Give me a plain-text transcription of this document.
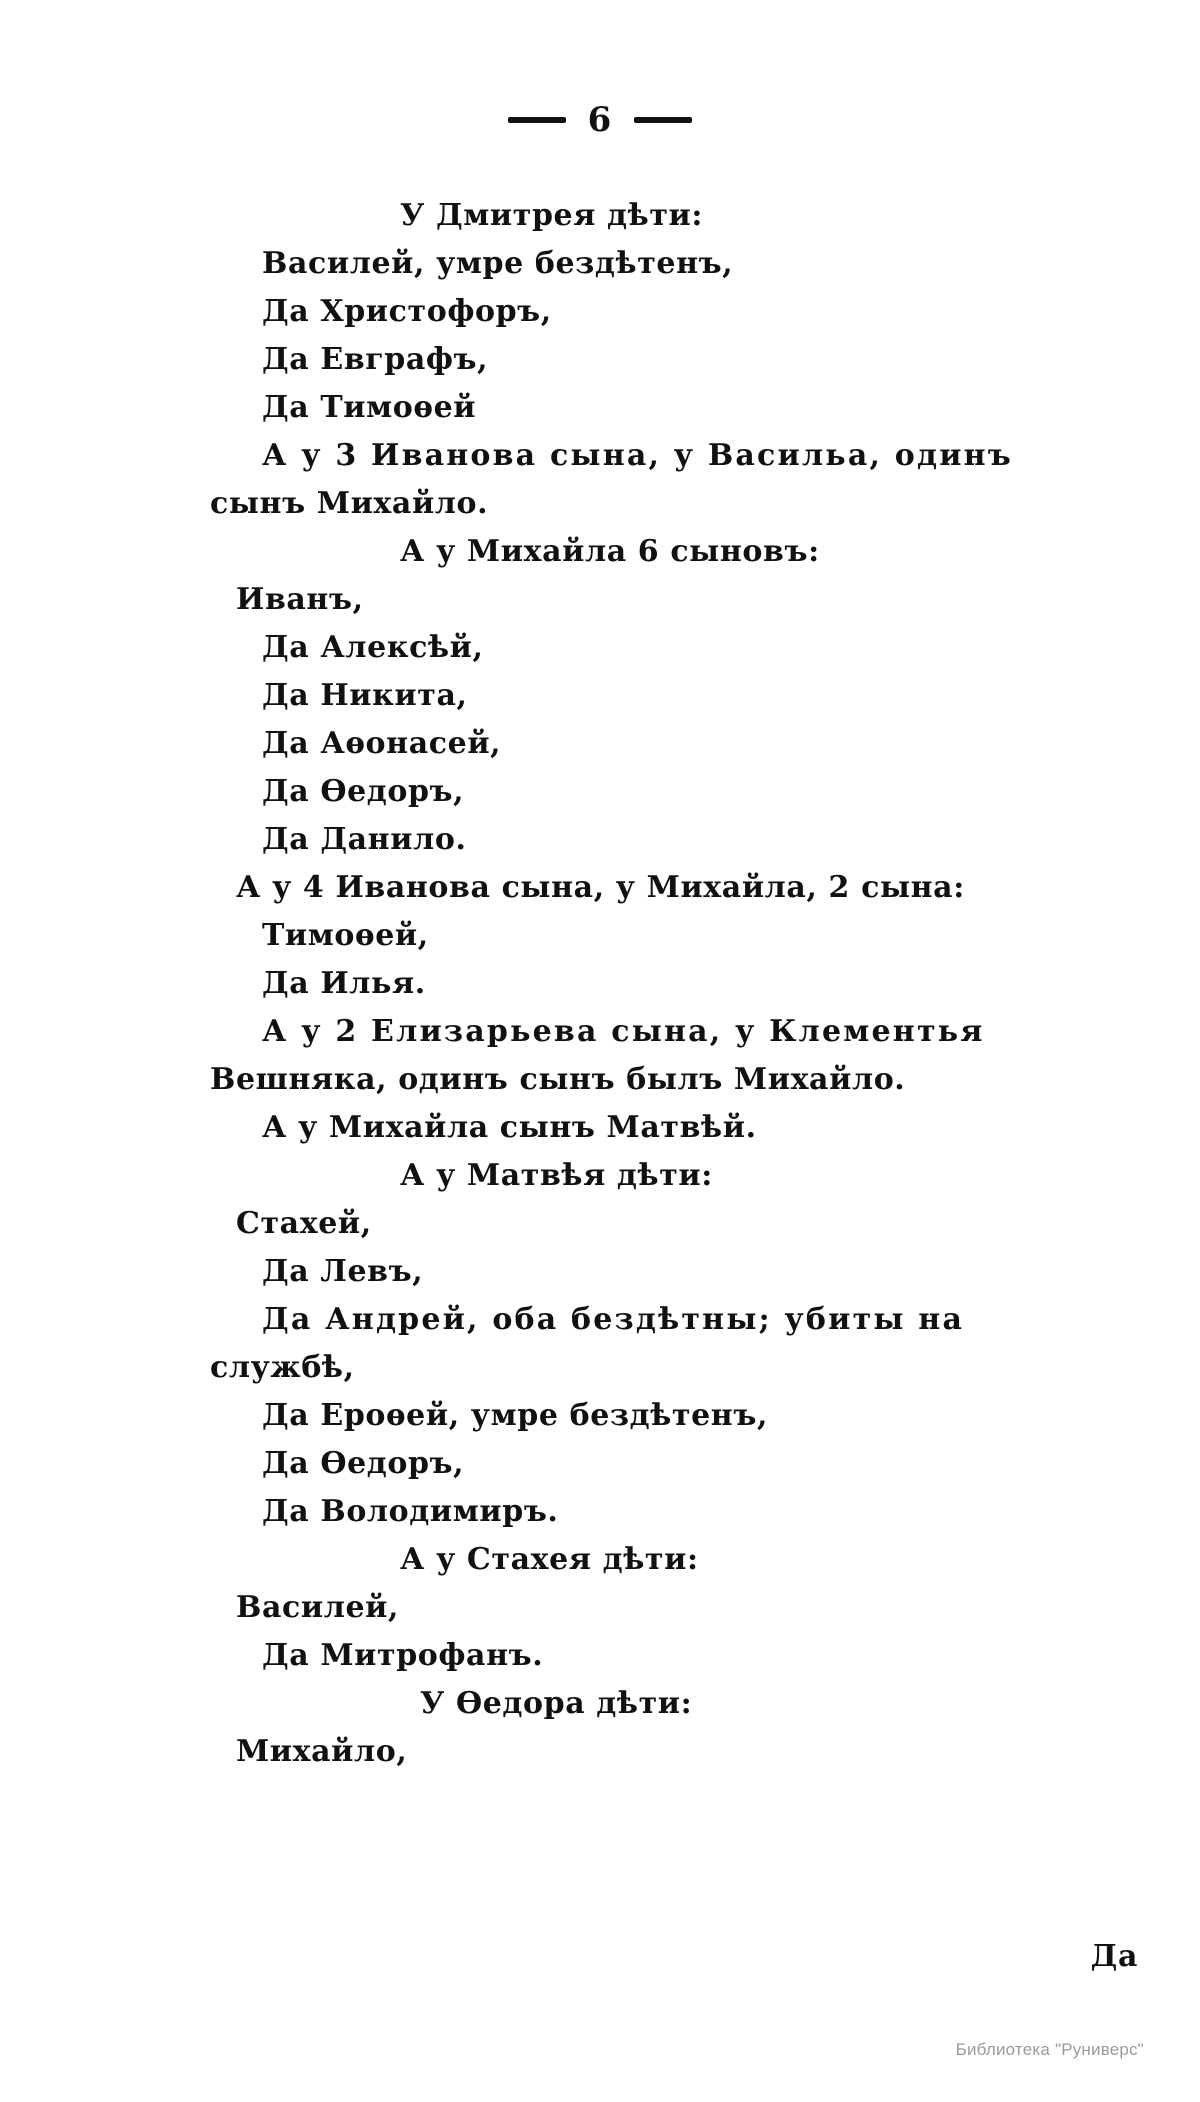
6
У Дмитрея дѣти:
Василей, умре бездѣтенъ,
Да Христофоръ,
Да Евграфъ,
Да Тимоѳей
А у 3 Иванова сына, у Васильа, одинъ
сынъ Михайло.
А у Михайла 6 сыновъ:
Иванъ,
Да Алексѣй,
Да Никита,
Да Аѳонасей,
Да Ѳедоръ,
Да Данило.
А у 4 Иванова сына, у Михайла, 2 сына:
Тимоѳей,
Да Илья.
А у 2 Елизарьева сына, у Клементья
Вешняка, одинъ сынъ былъ Михайло.
А у Михайла сынъ Матвѣй.
А у Матвѣя дѣти:
Стахей,
Да Левъ,
Да Андрей, оба бездѣтны; убиты на
службѣ,
Да Ероѳей, умре бездѣтенъ,
Да Ѳедоръ,
Да Володимиръ.
А у Стахея дѣти:
Василей,
Да Митрофанъ.
У Ѳедора дѣти:
Михайло,
Да
Библиотека "Руниверс"
